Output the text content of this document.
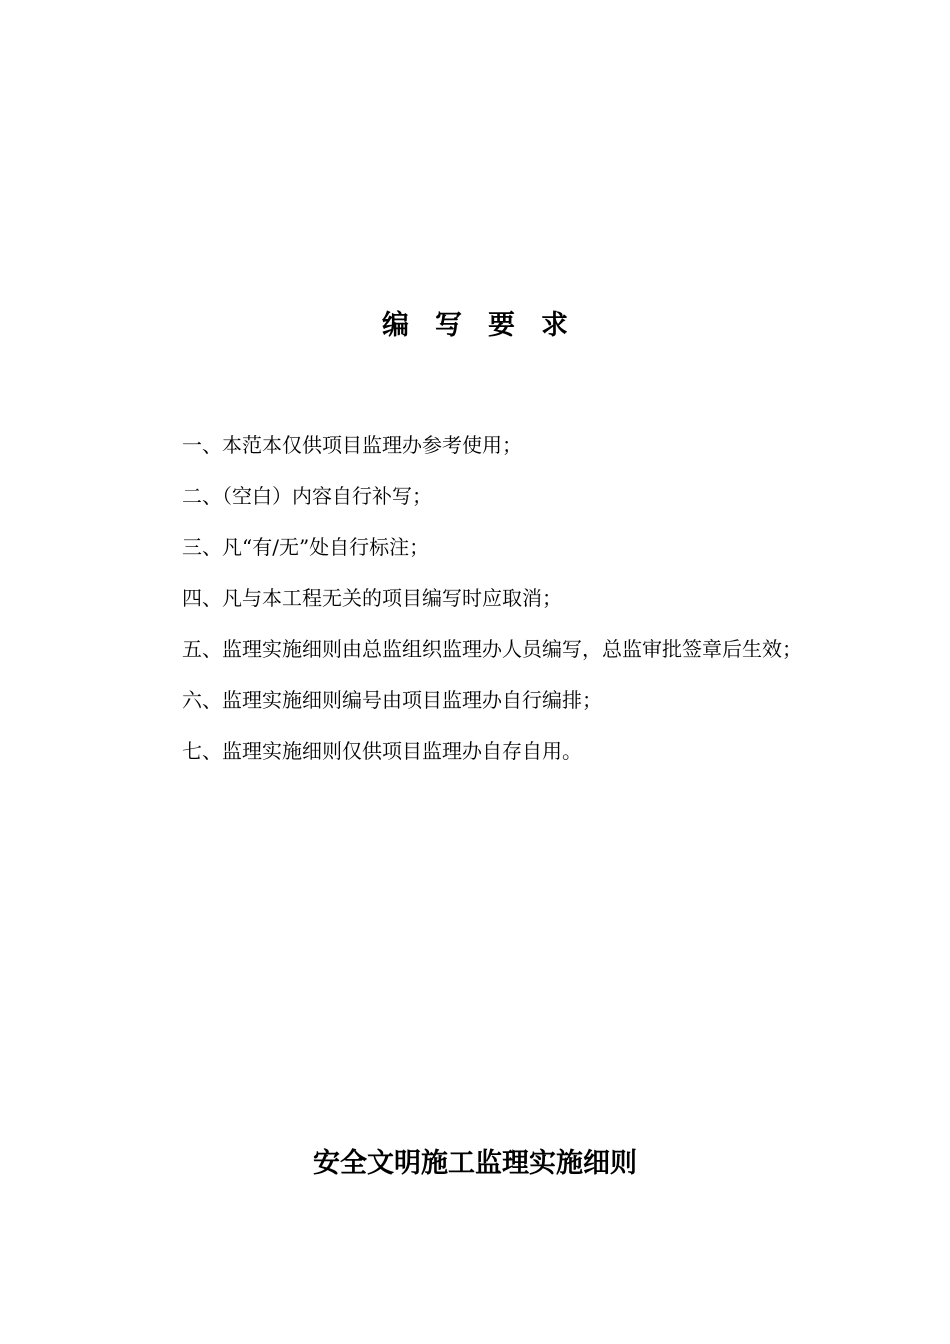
编写要求
一、本范本仅供项目监理办参考使用；
二、（空白）内容自行补写；
三、凡“有/无”处自行标注；
四、凡与本工程无关的项目编写时应取消；
五、监理实施细则由总监组织监理办人员编写，总监审批签章后生效；
六、监理实施细则编号由项目监理办自行编排；
七、监理实施细则仅供项目监理办自存自用。
安全文明施工监理实施细则
